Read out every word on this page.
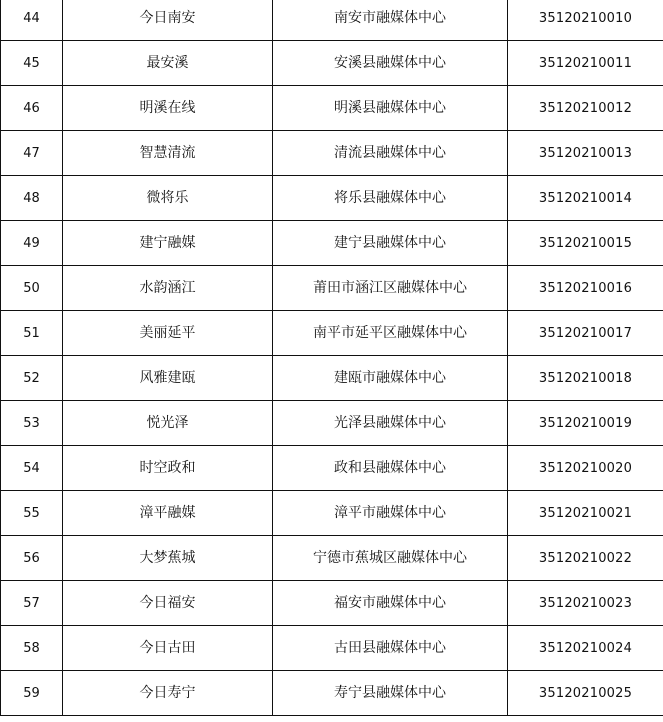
44	今日南安	南安市融媒体中心	35120210010
45	最安溪	安溪县融媒体中心	35120210011
46	明溪在线	明溪县融媒体中心	35120210012
47	智慧清流	清流县融媒体中心	35120210013
48	微将乐	将乐县融媒体中心	35120210014
49	建宁融媒	建宁县融媒体中心	35120210015
50	水韵涵江	莆田市涵江区融媒体中心	35120210016
51	美丽延平	南平市延平区融媒体中心	35120210017
52	风雅建瓯	建瓯市融媒体中心	35120210018
53	悦光泽	光泽县融媒体中心	35120210019
54	时空政和	政和县融媒体中心	35120210020
55	漳平融媒	漳平市融媒体中心	35120210021
56	大梦蕉城	宁德市蕉城区融媒体中心	35120210022
57	今日福安	福安市融媒体中心	35120210023
58	今日古田	古田县融媒体中心	35120210024
59	今日寿宁	寿宁县融媒体中心	35120210025
